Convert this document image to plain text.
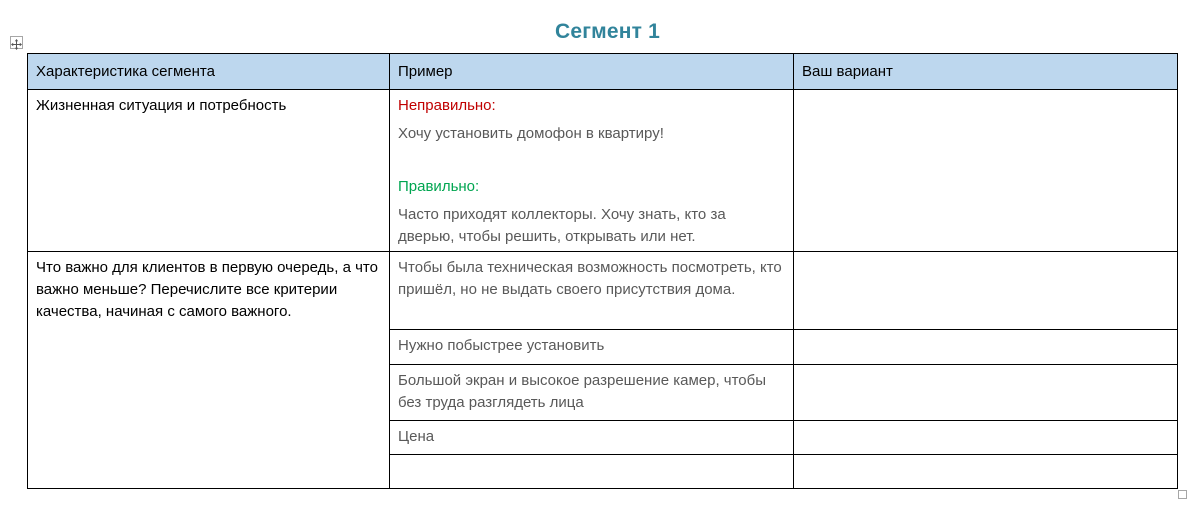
Сегмент 1
Характеристика сегмента	Пример	Ваш вариант
Жизненная ситуация и потребность	Неправильно:

Хочу установить домофон в квартиру!

Правильно:

Часто приходят коллекторы. Хочу знать, кто за дверью, чтобы решить, открывать или нет.	

Что важно для клиентов в первую очередь, а что важно меньше? Перечислите все критерии качества, начиная с самого важного.	Чтобы была техническая возможность посмотреть, кто пришёл, но не выдать своего присутствия дома.	
	Нужно побыстрее установить	
	Большой экран и высокое разрешение камер, чтобы без труда разглядеть лица	
	Цена	
